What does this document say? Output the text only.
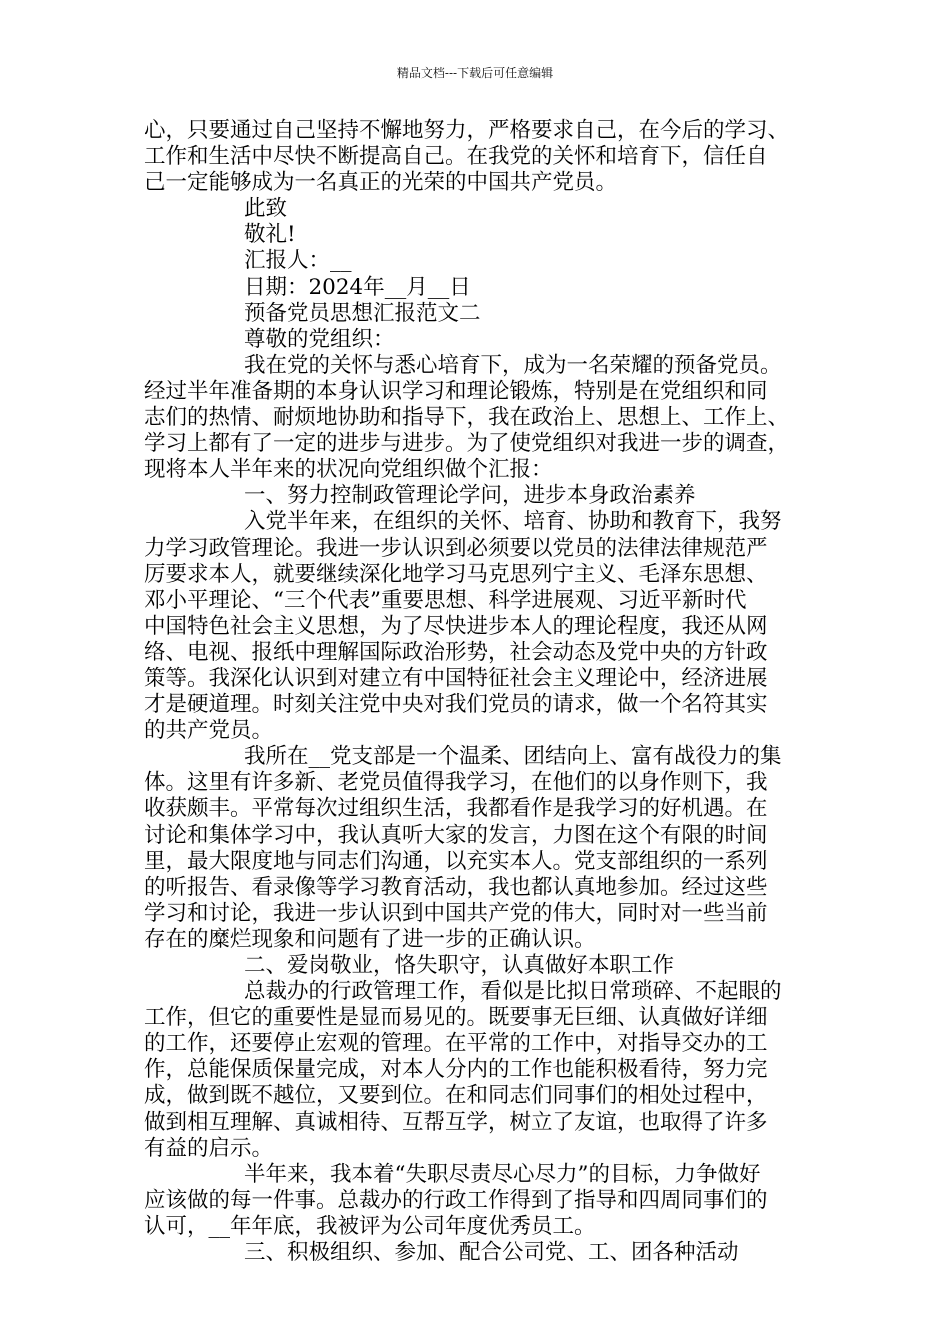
精品文档---下载后可任意编辑
心，只要通过自己坚持不懈地努力，严格要求自己，在今后的学习、
工作和生活中尽快不断提高自己。在我党的关怀和培育下，信任自
己一定能够成为一名真正的光荣的中国共产党员。
此致
敬礼!
汇报人：__
日期：2024年__月__日
预备党员思想汇报范文二
尊敬的党组织：
我在党的关怀与悉心培育下，成为一名荣耀的预备党员。
经过半年准备期的本身认识学习和理论锻炼，特别是在党组织和同
志们的热情、耐烦地协助和指导下，我在政治上、思想上、工作上、
学习上都有了一定的进步与进步。为了使党组织对我进一步的调查，
现将本人半年来的状况向党组织做个汇报：
一、努力控制政管理论学问，进步本身政治素养
入党半年来，在组织的关怀、培育、协助和教育下，我努
力学习政管理论。我进一步认识到必须要以党员的法律法律规范严
厉要求本人，就要继续深化地学习马克思列宁主义、毛泽东思想、
邓小平理论、“三个代表”重要思想、科学进展观、习近平新时代
中国特色社会主义思想，为了尽快进步本人的理论程度，我还从网
络、电视、报纸中理解国际政治形势，社会动态及党中央的方针政
策等。我深化认识到对建立有中国特征社会主义理论中，经济进展
才是硬道理。时刻关注党中央对我们党员的请求，做一个名符其实
的共产党员。
我所在__党支部是一个温柔、团结向上、富有战役力的集
体。这里有许多新、老党员值得我学习，在他们的以身作则下，我
收获颇丰。平常每次过组织生活，我都看作是我学习的好机遇。在
讨论和集体学习中，我认真听大家的发言，力图在这个有限的时间
里，最大限度地与同志们沟通，以充实本人。党支部组织的一系列
的听报告、看录像等学习教育活动，我也都认真地参加。经过这些
学习和讨论，我进一步认识到中国共产党的伟大，同时对一些当前
存在的糜烂现象和问题有了进一步的正确认识。
二、爱岗敬业，恪失职守，认真做好本职工作
总裁办的行政管理工作，看似是比拟日常琐碎、不起眼的
工作，但它的重要性是显而易见的。既要事无巨细、认真做好详细
的工作，还要停止宏观的管理。在平常的工作中，对指导交办的工
作，总能保质保量完成，对本人分内的工作也能积极看待，努力完
成，做到既不越位，又要到位。在和同志们同事们的相处过程中，
做到相互理解、真诚相待、互帮互学，树立了友谊，也取得了许多
有益的启示。
半年来，我本着“失职尽责尽心尽力”的目标，力争做好
应该做的每一件事。总裁办的行政工作得到了指导和四周同事们的
认可，__年年底，我被评为公司年度优秀员工。
三、积极组织、参加、配合公司党、工、团各种活动
